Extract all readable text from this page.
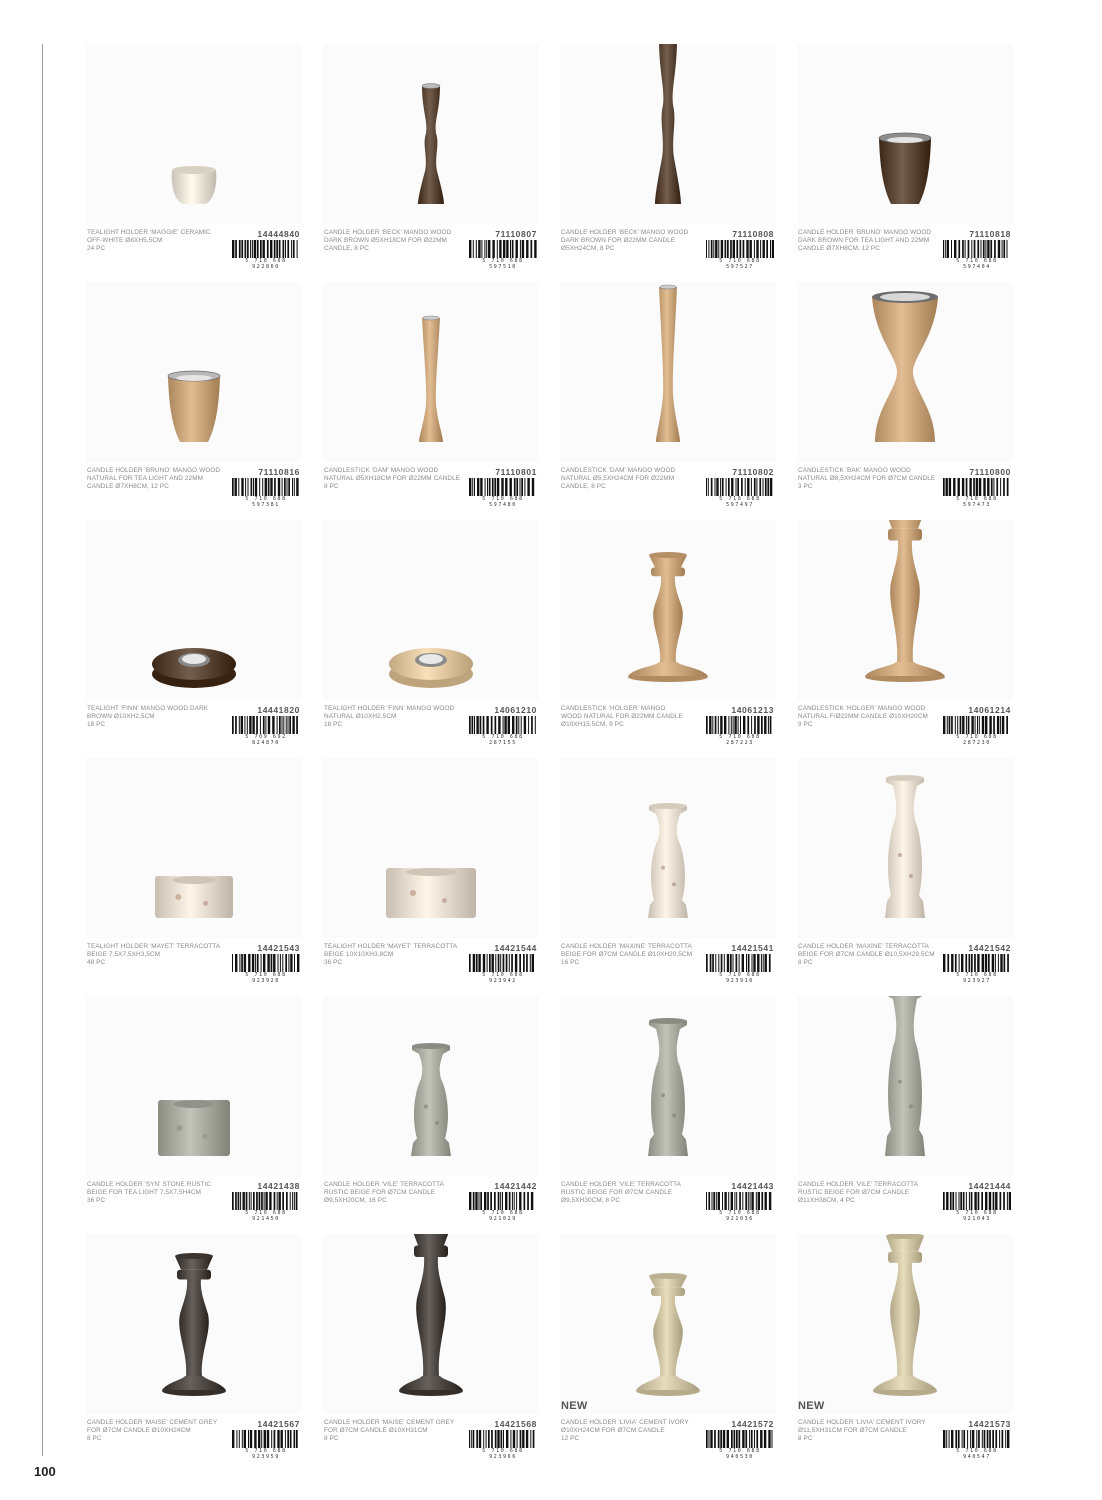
100
TEALIGHT HOLDER 'MAGGIE' CERAMIC
OFF-WHITE Ø8XH5,5CM
24 PC
14444840
5 710 688 922860
CANDLE HOLDER 'BECK' MANGO WOOD
DARK BROWN Ø5XH18CM FOR Ø22MM
CANDLE, 8 PC
71110807
5 710 688 597510
CANDLE HOLDER 'BECK' MANGO WOOD
DARK BROWN FOR Ø22MM CANDLE
Ø5XH24CM, 8 PC
71110808
5 710 688 597527
CANDLE HOLDER 'BRUNO' MANGO WOOD
DARK BROWN FOR TEA LIGHT AND 22MM
CANDLE Ø7XH8CM, 12 PC
71110818
5 710 688 597404
CANDLE HOLDER 'BRUNO' MANGO WOOD
NATURAL FOR TEA LIGHT AND 22MM
CANDLE Ø7XH8CM, 12 PC
71110816
5 710 688 597381
CANDLESTICK 'DAM' MANGO WOOD
NATURAL Ø5XH18CM FOR Ø22MM CANDLE
8 PC
71110801
5 710 688 597480
CANDLESTICK 'DAM' MANGO WOOD
NATURAL Ø5,5XH24CM FOR Ø22MM
CANDLE, 8 PC
71110802
5 710 688 597497
CANDLESTICK 'BAK' MANGO WOOD
NATURAL Ø8,5XH24CM FOR Ø7CM CANDLE
3 PC
71110800
5 710 688 597473
TEALIGHT 'FINN' MANGO WOOD DARK
BROWN Ø10XH2,5CM
18 PC
14441820
5 709 692 824870
TEALIGHT HOLDER 'FINN' MANGO WOOD
NATURAL Ø10XH2,5CM
18 PC
14061210
5 710 688 287155
CANDLESTICK 'HOLGER' MANGO
WOOD NATURAL FOR Ø22MM CANDLE
Ø10XH15,5CM, 9 PC
14061213
5 710 688 287223
CANDLESTICK 'HOLGER' MANGO WOOD
NATURAL F/Ø22MM CANDLE Ø10XH20CM
9 PC
14061214
5 710 688 287230
TEALIGHT HOLDER 'MAYET' TERRACOTTA
BEIGE 7,5X7,5XH3,5CM
48 PC
14421543
5 710 688 923928
TEALIGHT HOLDER 'MAYET' TERRACOTTA
BEIGE 10X10XH3,8CM
36 PC
14421544
5 710 688 923942
CANDLE HOLDER 'MAXINE' TERRACOTTA
BEIGE FOR Ø7CM CANDLE Ø10XH20,5CM
16 PC
14421541
5 710 688 923910
CANDLE HOLDER 'MAXINE' TERRACOTTA
BEIGE FOR Ø7CM CANDLE Ø10,5XH29,5CM
8 PC
14421542
5 710 688 923927
CANDLE HOLDER 'SYN' STONE RUSTIC
BEIGE FOR TEA LIGHT 7,5X7,5H4CM
36 PC
14421438
5 710 688 921450
CANDLE HOLDER 'VILE' TERRACOTTA
RUSTIC BEIGE FOR Ø7CM CANDLE
Ø9,5XH20CM, 16 PC
14421442
5 710 688 921029
CANDLE HOLDER 'VILE' TERRACOTTA
RUSTIC BEIGE FOR Ø7CM CANDLE
Ø9,5XH30CM, 8 PC
14421443
5 710 688 921036
CANDLE HOLDER 'VILE' TERRACOTTA
RUSTIC BEIGE FOR Ø7CM CANDLE
Ø11XH38CM, 4 PC
14421444
5 710 688 921043
CANDLE HOLDER 'MAISE' CEMENT GREY
FOR Ø7CM CANDLE Ø10XH24CM
8 PC
14421567
5 710 688 923959
CANDLE HOLDER 'MAISE' CEMENT GREY
FOR Ø7CM CANDLE Ø10XH31CM
8 PC
14421568
5 710 688 923966
NEW
CANDLE HOLDER 'LIVIA' CEMENT IVORY
Ø10XH24CM FOR Ø7CM CANDLE
12 PC
14421572
5 710 688 940530
NEW
CANDLE HOLDER 'LIVIA' CEMENT IVORY
Ø11,5XH31CM FOR Ø7CM CANDLE
8 PC
14421573
5 710 688 940547
